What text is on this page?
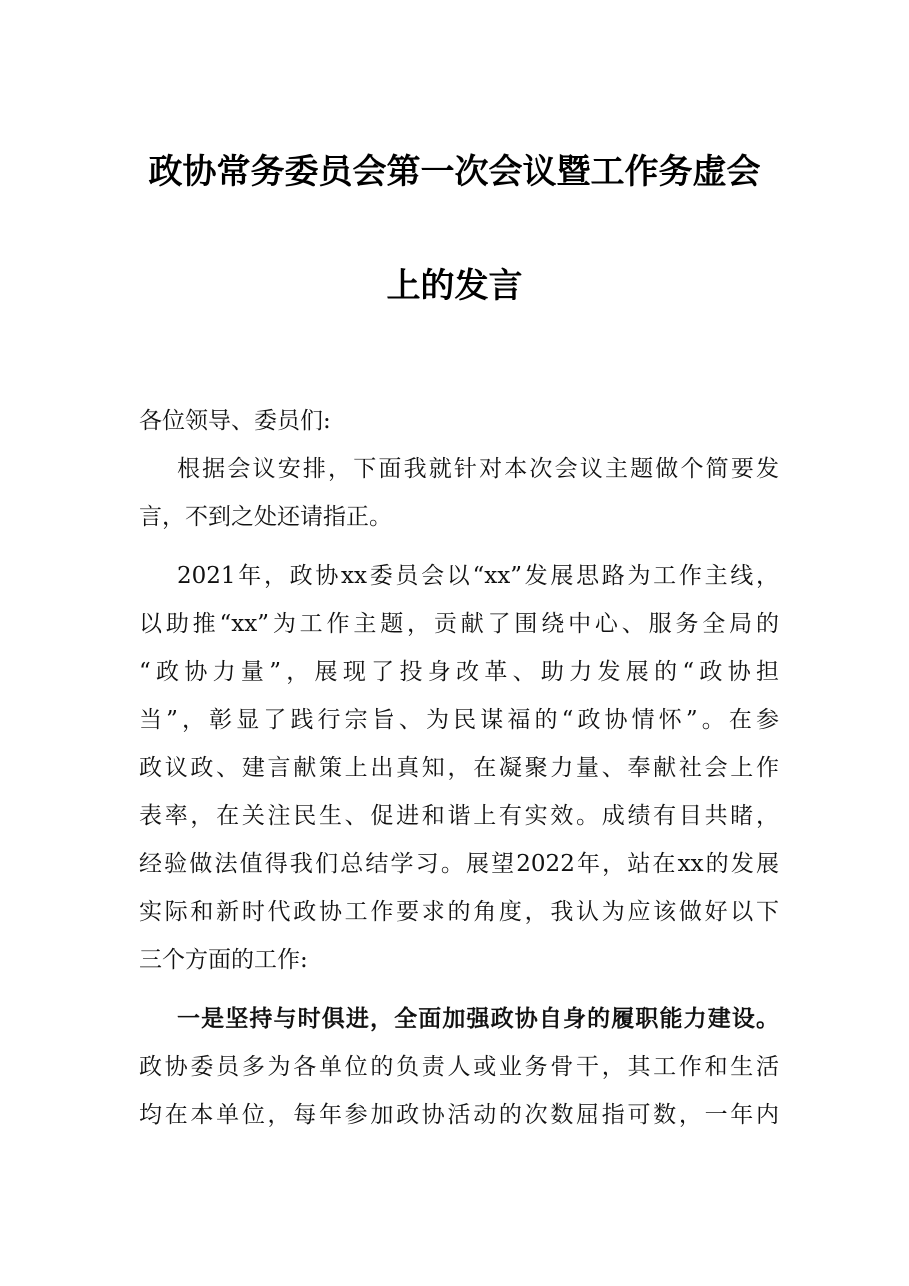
政协常务委员会第一次会议暨工作务虚会
上的发言
各位领导、委员们:
根据会议安排，下面我就针对本次会议主题做个简要发
言，不到之处还请指正。
2021年，政协xx委员会以“xx”发展思路为工作主线，
以助推“xx”为工作主题，贡献了围绕中心、服务全局的
“政协力量”，展现了投身改革、助力发展的“政协担
当”，彰显了践行宗旨、为民谋福的“政协情怀”。在参
政议政、建言献策上出真知，在凝聚力量、奉献社会上作
表率，在关注民生、促进和谐上有实效。成绩有目共睹，
经验做法值得我们总结学习。展望2022年，站在xx的发展
实际和新时代政协工作要求的角度，我认为应该做好以下
三个方面的工作:
一是坚持与时俱进，全面加强政协自身的履职能力建设。
政协委员多为各单位的负责人或业务骨干，其工作和生活
均在本单位，每年参加政协活动的次数屈指可数，一年内
